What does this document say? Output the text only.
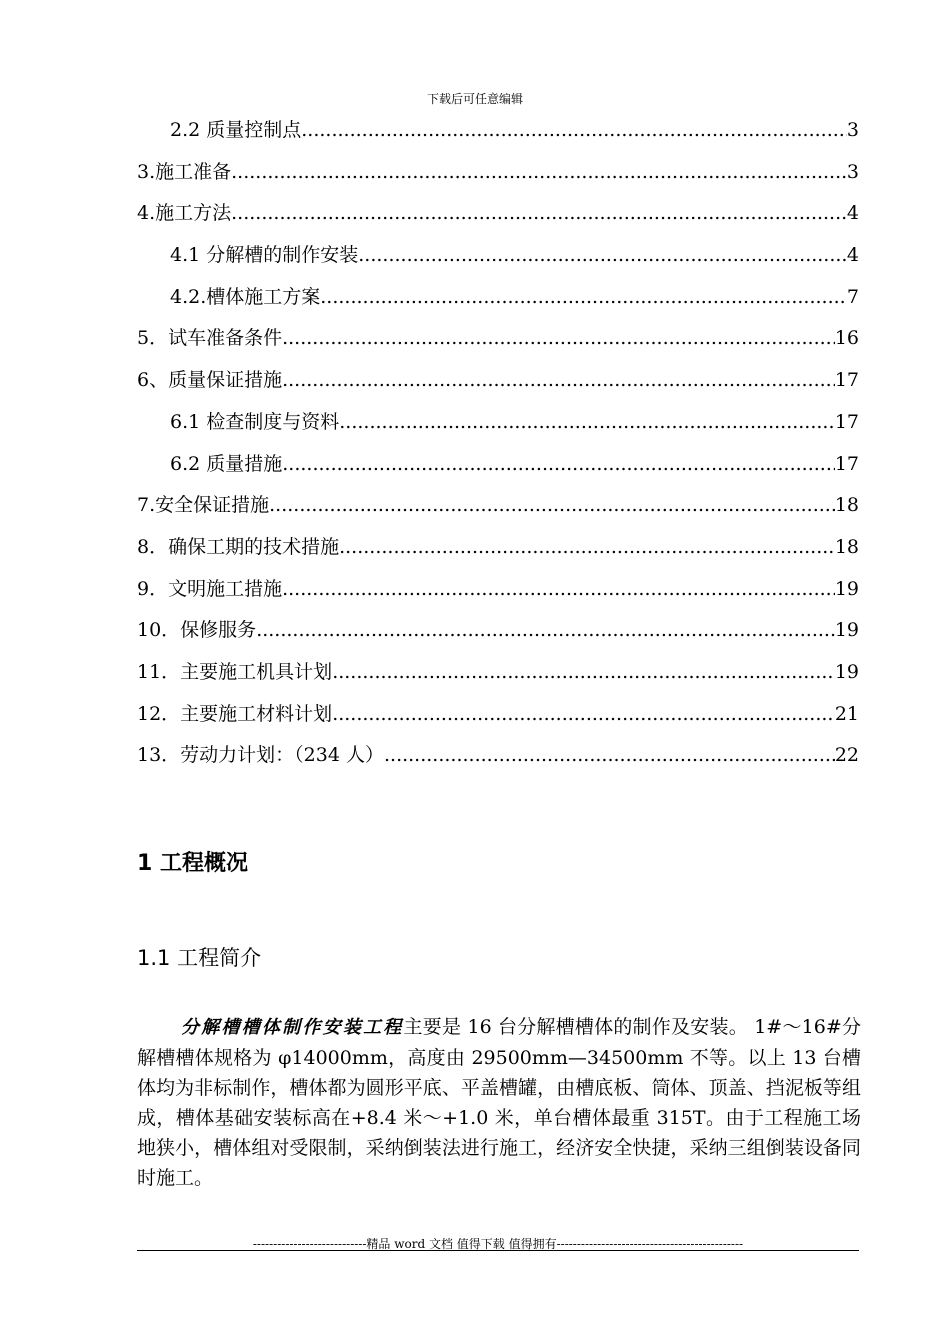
下载后可任意编辑
2.2 质量控制点 .....	3
3.施工准备 .....	3
4.施工方法 .....	4
4.1 分解槽的制作安装 .....	4
4.2.槽体施工方案 .....	7
5．试车准备条件 .....	16
6、质量保证措施 .....	17
6.1 检查制度与资料 .....	17
6.2 质量措施 .....	17
7.安全保证措施 .....	18
8．确保工期的技术措施 .....	18
9．文明施工措施 .....	19
10．保修服务 .....	19
11．主要施工机具计划 .....	19
12．主要施工材料计划 .....	21
13．劳动力计划：（234 人） .....	22
1 工程概况
1.1 工程简介
分解槽槽体制作安装工程主要是 16 台分解槽槽体的制作及安装。 1#～16#分解槽槽体规格为 φ14000mm，高度由 29500mm—34500mm 不等。以上 13 台槽体均为非标制作，槽体都为圆形平底、平盖槽罐，由槽底板、筒体、顶盖、挡泥板等组成，槽体基础安装标高在+8.4 米～+1.0 米，单台槽体最重 315T。由于工程施工场地狭小，槽体组对受限制，采纳倒装法进行施工，经济安全快捷，采纳三组倒装设备同时施工。
----------------------------精品 word 文档 值得下载 值得拥有----------------------------------------------
